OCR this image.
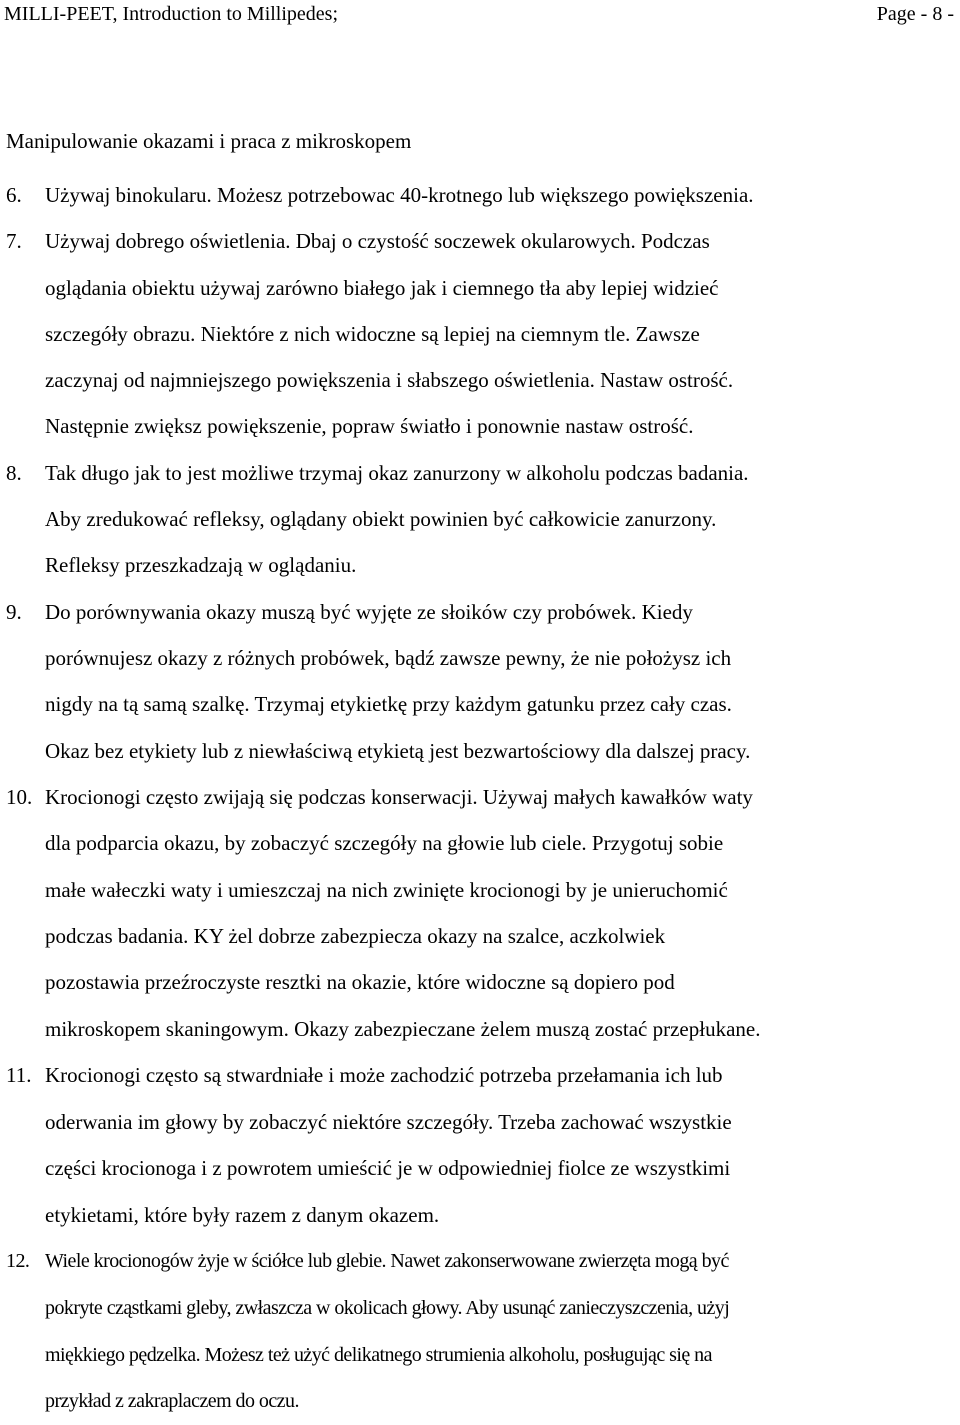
MILLI-PEET, Introduction to Millipedes;	Page - 8 -
Manipulowanie okazami i praca z mikroskopem
6. Używaj binokularu. Możesz potrzebowac 40-krotnego lub większego powiększenia.
7. Używaj dobrego oświetlenia. Dbaj o czystość soczewek okularowych. Podczas
oglądania obiektu używaj zarówno białego jak i ciemnego tła aby lepiej widzieć
szczegóły obrazu. Niektóre z nich widoczne są lepiej na ciemnym tle. Zawsze
zaczynaj od najmniejszego powiększenia i słabszego oświetlenia. Nastaw ostrość.
Następnie zwiększ powiększenie, popraw światło i ponownie nastaw ostrość.
8. Tak długo jak to jest możliwe trzymaj okaz zanurzony w alkoholu podczas badania.
Aby zredukować refleksy, oglądany obiekt powinien być całkowicie zanurzony.
Refleksy przeszkadzają w oglądaniu.
9. Do porównywania okazy muszą być wyjęte ze słoików czy probówek. Kiedy
porównujesz okazy z różnych probówek, bądź zawsze pewny, że nie położysz ich
nigdy na tą samą szalkę. Trzymaj etykietkę przy każdym gatunku przez cały czas.
Okaz bez etykiety lub z niewłaściwą etykietą jest bezwartościowy dla dalszej pracy.
10. Krocionogi często zwijają się podczas konserwacji. Używaj małych kawałków waty
dla podparcia okazu, by zobaczyć szczegóły na głowie lub ciele. Przygotuj sobie
małe wałeczki waty i umieszczaj na nich zwinięte krocionogi by je unieruchomić
podczas badania. KY żel dobrze zabezpiecza okazy na szalce, aczkolwiek
pozostawia przeźroczyste resztki na okazie, które widoczne są dopiero pod
mikroskopem skaningowym. Okazy zabezpieczane żelem muszą zostać przepłukane.
11. Krocionogi często są stwardniałe i może zachodzić potrzeba przełamania ich lub
oderwania im głowy by zobaczyć niektóre szczegóły. Trzeba zachować wszystkie
części krocionoga i z powrotem umieścić je w odpowiedniej fiolce ze wszystkimi
etykietami, które były razem z danym okazem.
12. Wiele krocionogów żyje w ściółce lub glebie. Nawet zakonserwowane zwierzęta mogą być
pokryte cząstkami gleby, zwłaszcza w okolicach głowy. Aby usunąć zanieczyszczenia, użyj
miękkiego pędzelka. Możesz też użyć delikatnego strumienia alkoholu, posługując się na
przykład z zakraplaczem do oczu.
